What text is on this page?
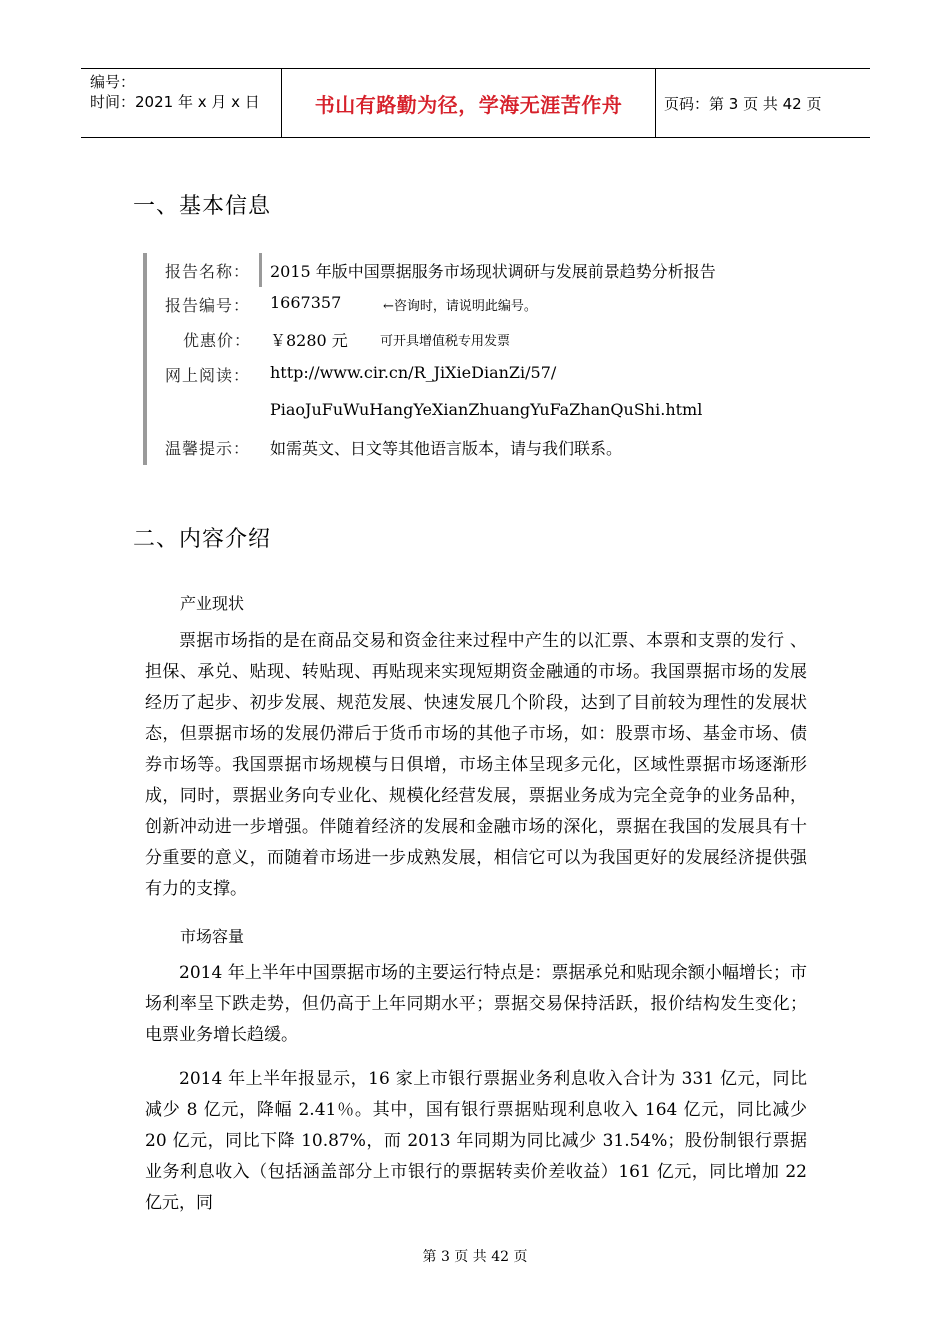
编号：
时间：2021 年 x 月 x 日	书山有路勤为径，学海无涯苦作舟	页码：第 3 页 共 42 页
一、基本信息
报告名称： 2015 年版中国票据服务市场现状调研与发展前景趋势分析报告
报告编号： 1667357	←咨询时，请说明此编号。
优惠价： ￥8280 元 可开具增值税专用发票
网上阅读： http://www.cir.cn/R_JiXieDianZi/57/
PiaoJuFuWuHangYeXianZhuangYuFaZhanQuShi.html
温馨提示： 如需英文、日文等其他语言版本，请与我们联系。
二、内容介绍
产业现状

票据市场指的是在商品交易和资金往来过程中产生的以汇票、本票和支票的发行 、担保、承兑、贴现、转贴现、再贴现来实现短期资金融通的市场。我国票据市场的发展经历了起步、初步发展、规范发展、快速发展几个阶段，达到了目前较为理性的发展状态，但票据市场的发展仍滞后于货币市场的其他子市场，如：股票市场、基金市场、债券市场等。我国票据市场规模与日俱增，市场主体呈现多元化，区域性票据市场逐渐形成，同时，票据业务向专业化、规模化经营发展，票据业务成为完全竞争的业务品种，创新冲动进一步增强。伴随着经济的发展和金融市场的深化，票据在我国的发展具有十分重要的意义，而随着市场进一步成熟发展，相信它可以为我国更好的发展经济提供强有力的支撑。

市场容量

2014 年上半年中国票据市场的主要运行特点是：票据承兑和贴现余额小幅增长；市场利率呈下跌走势，但仍高于上年同期水平；票据交易保持活跃，报价结构发生变化；电票业务增长趋缓。

2014 年上半年报显示，16 家上市银行票据业务利息收入合计为 331 亿元，同比减少 8 亿元，降幅 2.41％。其中，国有银行票据贴现利息收入 164 亿元，同比减少 20 亿元，同比下降 10.87%，而 2013 年同期为同比减少 31.54%；股份制银行票据业务利息收入（包括涵盖部分上市银行的票据转卖价差收益）161 亿元，同比增加 22 亿元，同

第 3 页 共 42 页
